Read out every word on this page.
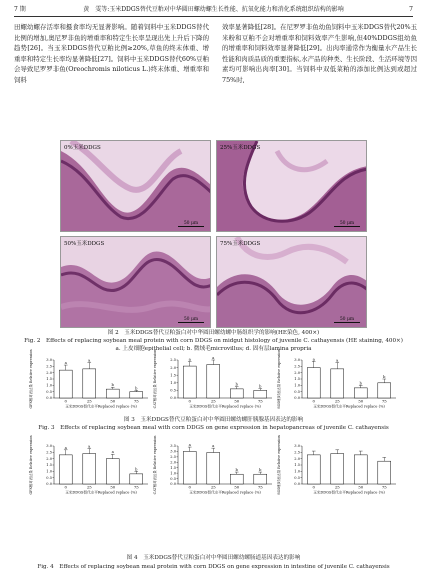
7 期	黄　雯等:玉米DDGS替代豆粕对中华圆田螺幼螺生长性能、抗氧化能力和消化系统组织结构的影响	7

田螺幼螺存活率和摄食率均无显著影响。随着饲料中玉米DDGS替代比例的增加,奥尼罗非鱼的增重率和特定生长率呈现出先上升后下降的趋势[26]。当玉米DDGS替代豆粕比例≥20%,草鱼的终末体重、增重率和特定生长率均显著降低[27]。饲料中玉米DDGS替代60%豆粕会导致尼罗罗非鱼(Oreochromis niloticus L.)终末体重、增重率和饲料

效率显著降低[28]。在尼罗罗非鱼幼鱼饲料中玉米DDGS替代20%玉米粉和豆粕不会对增重率和饲料效率产生影响,但40%DDGS组幼鱼的增重率和饲料效率显著降低[29]。出肉率通常作为衡量水产品生长性能和肉质品质的重要指标,水产品的种类、生长阶段、生活环境等因素均可影响出肉率[30]。当饲料中双低菜粕的添加比例达到或超过75%时,

0%玉米DDGS
50 μm
25%玉米DDGS
50 μm
50%玉米DDGS
50 μm
75%玉米DDGS
50 μm
图 2　玉米DDGS替代豆粕蛋白对中华圆田螺幼螺中肠组织学的影响(HE染色, 400×)
Fig. 2　Effects of replacing soybean meal protein with corn DDGS on midgut histology of juvenile C. cathayensis (HE staining, 400×)
a. 上皮细胞epithelial cell; b. 微绒毛microvillus; d. 固有层lamina propria
GPX相对表达量 Relative expression	0.0
0.5
1.0
1.5
2.0
2.5
3.0	a
0
a
25
b
50
b
75
玉米DDGS替代水平Replaced replace (%)	CAT相对表达量 Relative expression	0.0
0.5
1.0
1.5
2.0
2.5	a
0
a
25
b
50
b
75
玉米DDGS替代水平Replaced replace (%)	SOD相对表达量 Relative expression	0.0
0.5
1.0
1.5
2.0
2.5
3.0	a
0
a
25
b
50
b
75
玉米DDGS替代水平Replaced replace (%)
图 3　玉米DDGS替代豆粕蛋白对中华圆田螺幼螺肝胰腺基因表达的影响
Fig. 3　Effects of replacing soybean meal with corn DDGS on gene expression in hepatopancreas of juvenile C. cathayensis
GPX相对表达量 Relative expression	0.0
0.5
1.0
1.5
2.0
2.5
3.0	a
0
a
25
a
50
b
75
玉米DDGS替代水平Replaced replace (%)	CAT相对表达量 Relative expression	0.0
0.5
1.0
1.5
2.0
2.5
3.0
3.5	a
0
a
25
b
50
b
75
玉米DDGS替代水平Replaced replace (%)	SOD相对表达量 Relative expression	0.0
0.5
1.0
1.5
2.0
2.5
3.0
0	25	50	75
玉米DDGS替代水平Replaced replace (%)
图 4　玉米DDGS替代豆粕蛋白对中华圆田螺幼螺肠道基因表达的影响
Fig. 4　Effects of replacing soybean meal protein with corn DDGS on gene expression in intestine of juvenile C. cathayensis
